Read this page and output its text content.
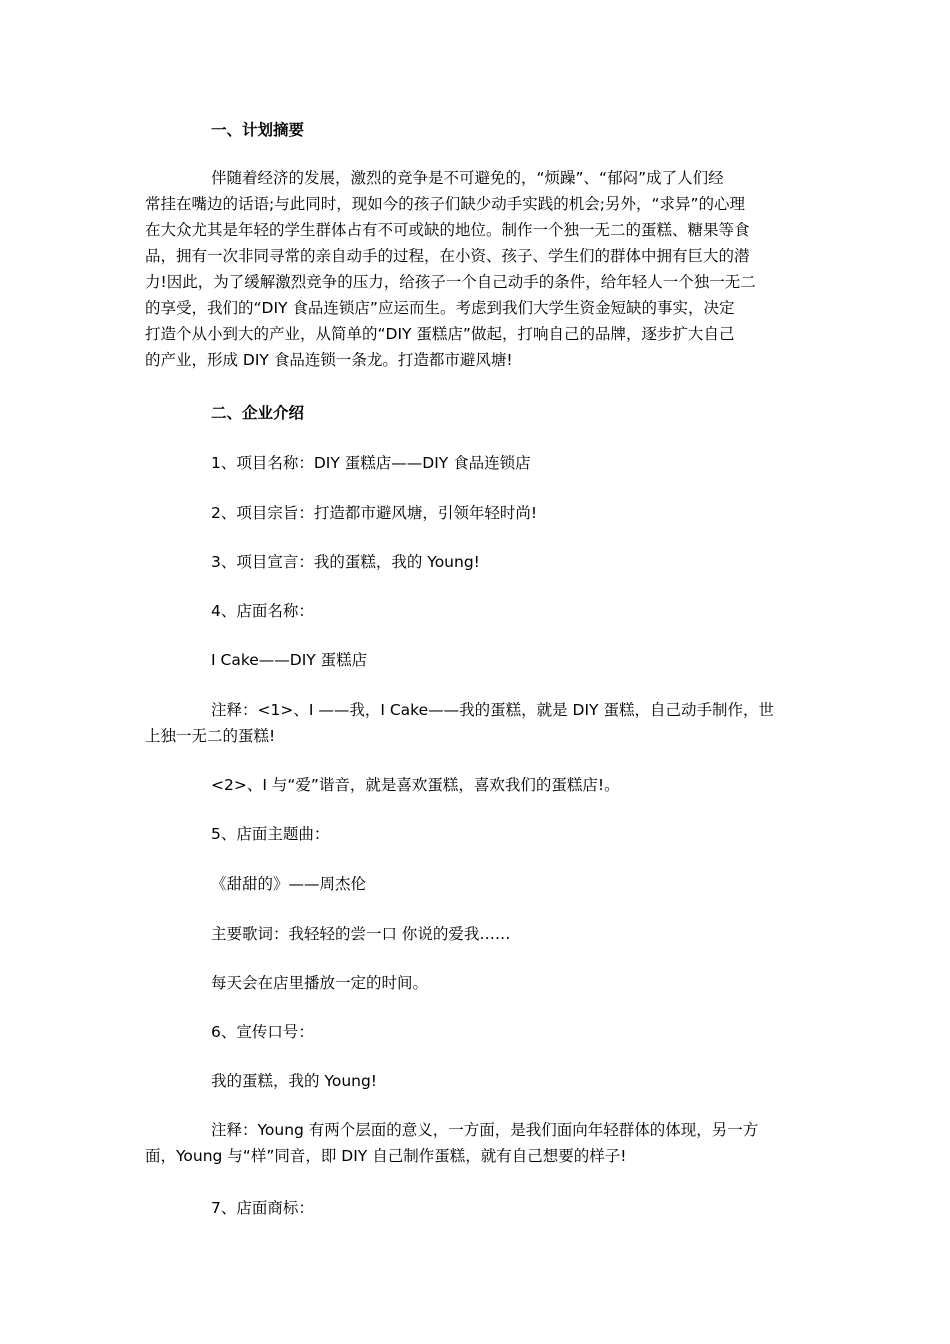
一、计划摘要
伴随着经济的发展，激烈的竞争是不可避免的，“烦躁”、“郁闷”成了人们经
常挂在嘴边的话语;与此同时，现如今的孩子们缺少动手实践的机会;另外，“求异”的心理
在大众尤其是年轻的学生群体占有不可或缺的地位。制作一个独一无二的蛋糕、糖果等食
品，拥有一次非同寻常的亲自动手的过程，在小资、孩子、学生们的群体中拥有巨大的潜
力!因此，为了缓解激烈竞争的压力，给孩子一个自己动手的条件，给年轻人一个独一无二
的享受，我们的“DIY 食品连锁店”应运而生。考虑到我们大学生资金短缺的事实，决定
打造个从小到大的产业，从简单的“DIY 蛋糕店”做起，打响自己的品牌，逐步扩大自己
的产业，形成 DIY 食品连锁一条龙。打造都市避风塘!
二、企业介绍
1、项目名称：DIY 蛋糕店——DIY 食品连锁店
2、项目宗旨：打造都市避风塘，引领年轻时尚!
3、项目宣言：我的蛋糕，我的 Young!
4、店面名称：
I Cake——DIY 蛋糕店
注释：<1>、I ——我，I Cake——我的蛋糕，就是 DIY 蛋糕，自己动手制作，世
上独一无二的蛋糕!
<2>、I 与“爱”谐音，就是喜欢蛋糕，喜欢我们的蛋糕店!。
5、店面主题曲：
《甜甜的》——周杰伦
主要歌词：我轻轻的尝一口 你说的爱我……
每天会在店里播放一定的时间。
6、宣传口号：
我的蛋糕，我的 Young!
注释：Young 有两个层面的意义，一方面，是我们面向年轻群体的体现，另一方
面，Young 与“样”同音，即 DIY 自己制作蛋糕，就有自己想要的样子!
7、店面商标：
